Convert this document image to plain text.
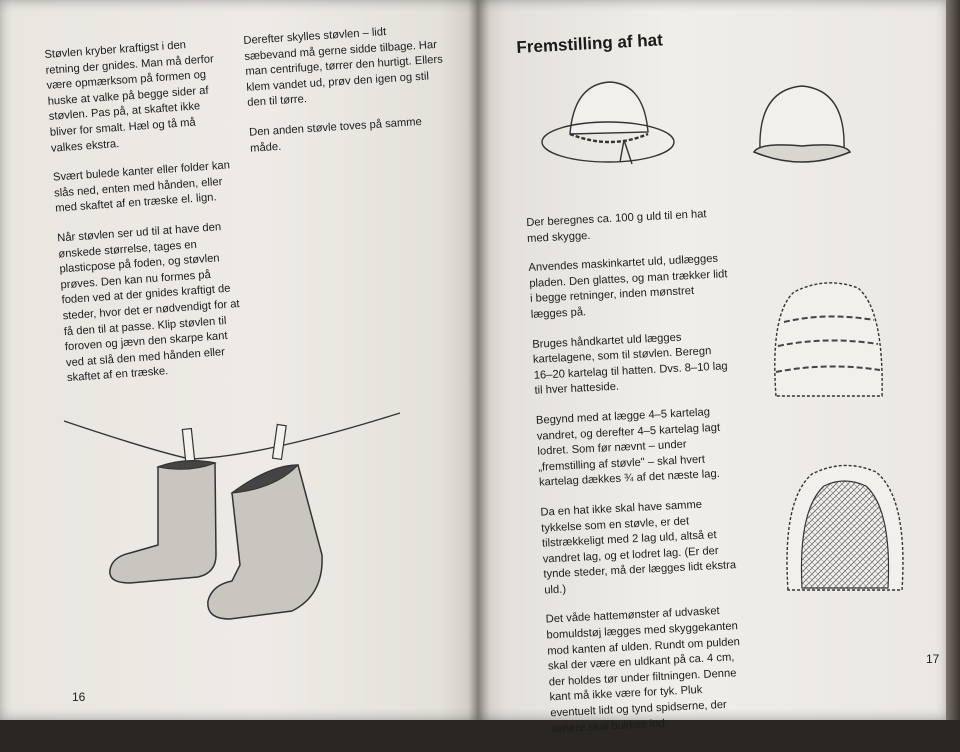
Støvlen kryber kraftigst i den retning der gnides. Man må derfor være opmærksom på formen og huske at valke på begge sider af støvlen. Pas på, at skaftet ikke bliver for smalt. Hæl og tå må valkes ekstra.

Svært bulede kanter eller folder kan slås ned, enten med hånden, eller med skaftet af en træske el. lign.

Når støvlen ser ud til at have den ønskede størrelse, tages en plasticpose på foden, og støvlen prøves. Den kan nu formes på foden ved at der gnides kraftigt de steder, hvor det er nødvendigt for at få den til at passe. Klip støvlen til foroven og jævn den skarpe kant ved at slå den med hånden eller skaftet af en træske.

Derefter skylles støvlen – lidt sæbevand må gerne sidde tilbage. Har man centrifuge, tørrer den hurtigt. Ellers klem vandet ud, prøv den igen og stil den til tørre.

Den anden støvle toves på samme måde.

16
Fremstilling af hat

Der beregnes ca. 100 g uld til en hat med skygge.

Anvendes maskinkartet uld, udlægges pladen. Den glattes, og man trækker lidt i begge retninger, inden mønstret lægges på.

Bruges håndkartet uld lægges kartelagene, som til støvlen. Beregn 16–20 kartelag til hatten. Dvs. 8–10 lag til hver hatteside.

Begynd med at lægge 4–5 kartelag vandret, og derefter 4–5 kartelag lagt lodret. Som før nævnt – under „fremstilling af støvle" – skal hvert kartelag dækkes ¾ af det næste lag.

Da en hat ikke skal have samme tykkelse som en støvle, er det tilstrækkeligt med 2 lag uld, altså et vandret lag, og et lodret lag. (Er der tynde steder, må der lægges lidt ekstra uld.)

Det våde hattemønster af udvasket bomuldstøj lægges med skyggekanten mod kanten af ulden. Rundt om pulden skal der være en uldkant på ca. 4 cm, der holdes tør under filtningen. Denne kant må ikke være for tyk. Pluk eventuelt lidt og tynd spidserne, der senere skal bukkes ind.

17
